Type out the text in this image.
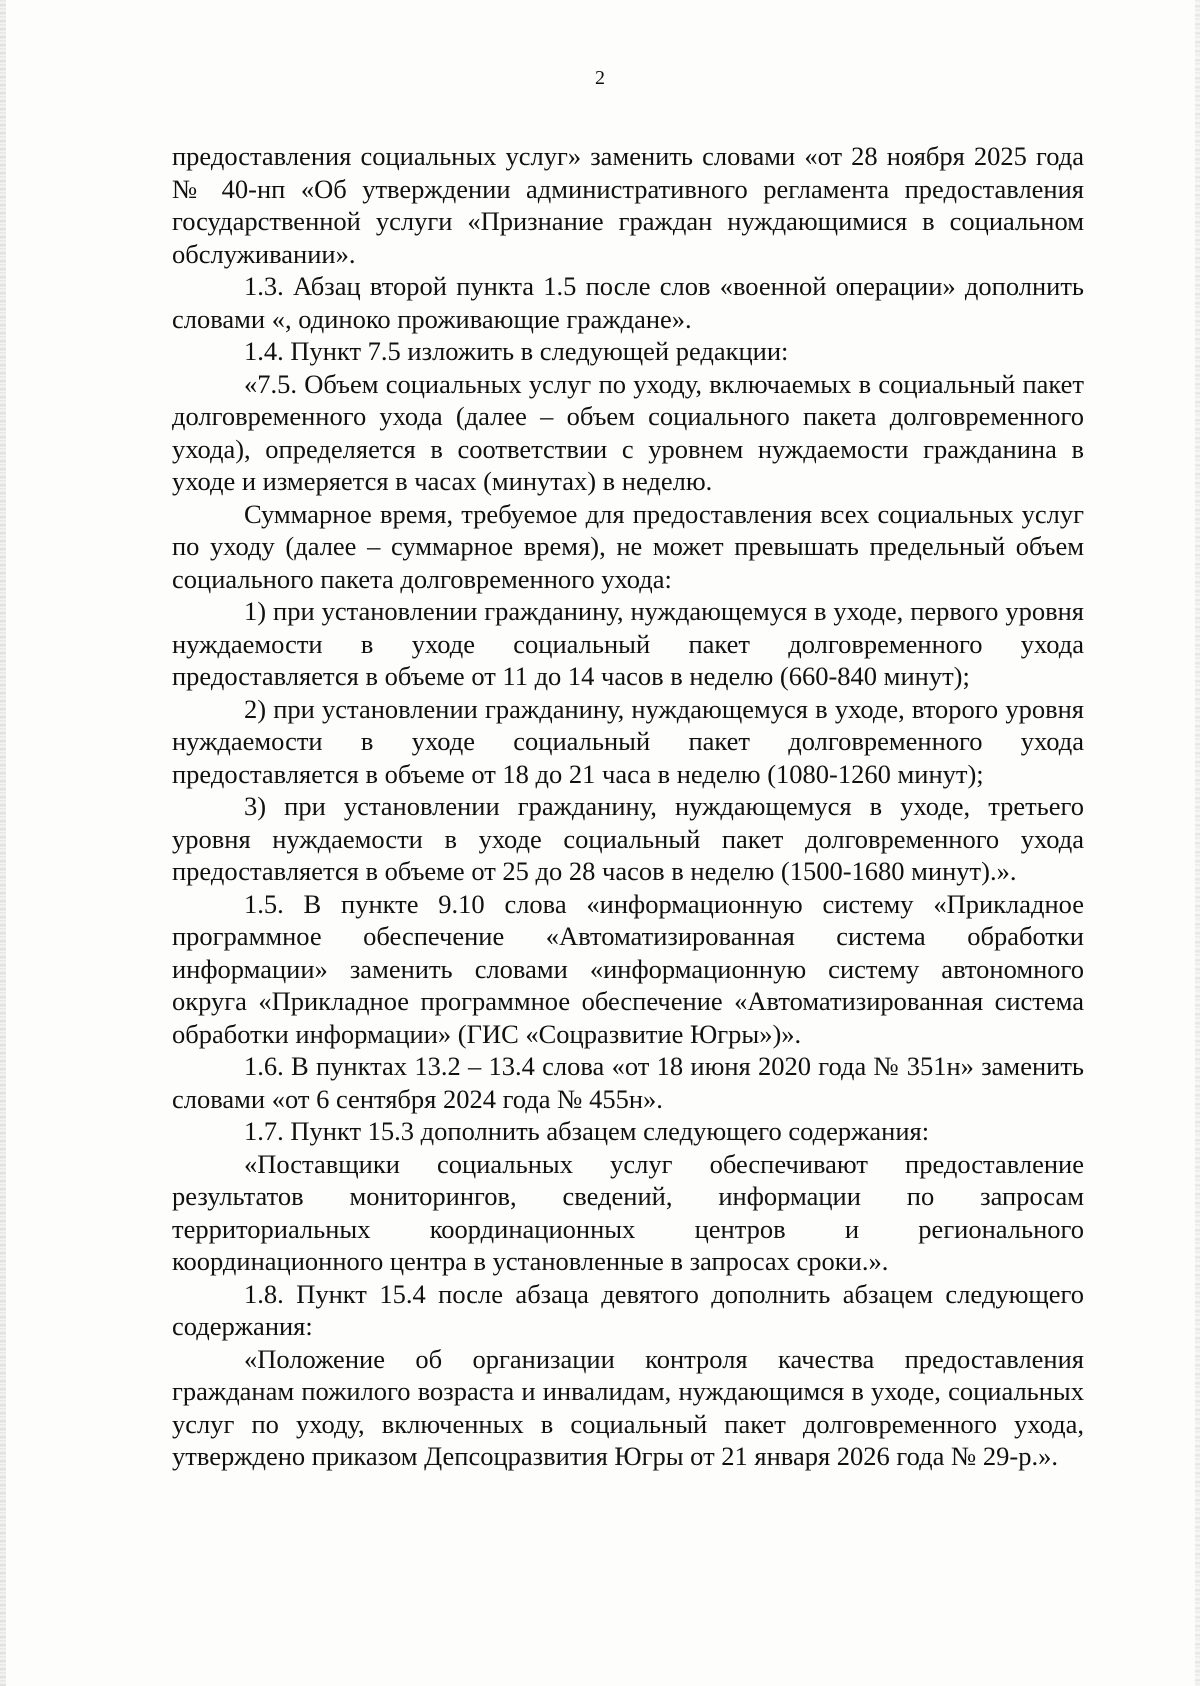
2

предоставления социальных услуг» заменить словами «от 28 ноября 2025 года № 40-нп «Об утверждении административного регламента предоставления государственной услуги «Признание граждан нуждающимися в социальном обслуживании».

1.3. Абзац второй пункта 1.5 после слов «военной операции» дополнить словами «, одиноко проживающие граждане».

1.4. Пункт 7.5 изложить в следующей редакции:

«7.5. Объем социальных услуг по уходу, включаемых в социальный пакет долговременного ухода (далее – объем социального пакета долговременного ухода), определяется в соответствии с уровнем нуждаемости гражданина в уходе и измеряется в часах (минутах) в неделю.

Суммарное время, требуемое для предоставления всех социальных услуг по уходу (далее – суммарное время), не может превышать предельный объем социального пакета долговременного ухода:

1) при установлении гражданину, нуждающемуся в уходе, первого уровня нуждаемости в уходе социальный пакет долговременного ухода предоставляется в объеме от 11 до 14 часов в неделю (660-840 минут);

2) при установлении гражданину, нуждающемуся в уходе, второго уровня нуждаемости в уходе социальный пакет долговременного ухода предоставляется в объеме от 18 до 21 часа в неделю (1080-1260 минут);

3) при установлении гражданину, нуждающемуся в уходе, третьего уровня нуждаемости в уходе социальный пакет долговременного ухода предоставляется в объеме от 25 до 28 часов в неделю (1500-1680 минут).».

1.5. В пункте 9.10 слова «информационную систему «Прикладное программное обеспечение «Автоматизированная система обработки информации» заменить словами «информационную систему автономного округа «Прикладное программное обеспечение «Автоматизированная система обработки информации» (ГИС «Соцразвитие Югры»)».

1.6. В пунктах 13.2 – 13.4 слова «от 18 июня 2020 года № 351н» заменить словами «от 6 сентября 2024 года № 455н».

1.7. Пункт 15.3 дополнить абзацем следующего содержания:

«Поставщики социальных услуг обеспечивают предоставление результатов мониторингов, сведений, информации по запросам территориальных координационных центров и регионального координационного центра в установленные в запросах сроки.».

1.8. Пункт 15.4 после абзаца девятого дополнить абзацем следующего содержания:

«Положение об организации контроля качества предоставления гражданам пожилого возраста и инвалидам, нуждающимся в уходе, социальных услуг по уходу, включенных в социальный пакет долговременного ухода, утверждено приказом Депсоцразвития Югры от 21 января 2026 года № 29-р.».
